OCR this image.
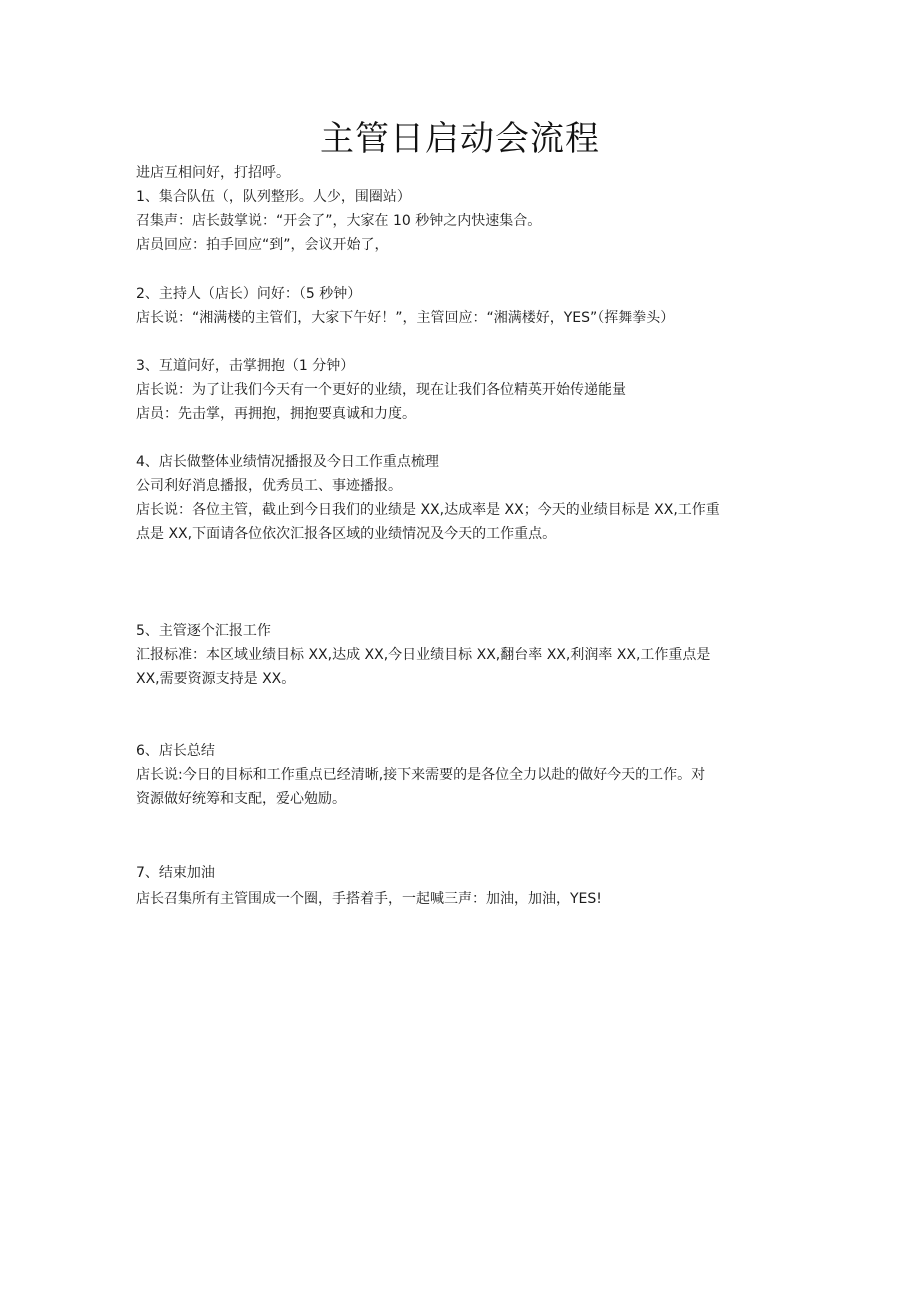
主管日启动会流程
进店互相问好，打招呼。
1、集合队伍（，队列整形。人少，围圈站）
召集声：店长鼓掌说：“开会了”，大家在 10 秒钟之内快速集合。
店员回应：拍手回应“到”，会议开始了，
2、主持人（店长）问好：（5 秒钟）
店长说：“湘满楼的主管们，大家下午好！”，主管回应：“湘满楼好，YES”（挥舞拳头）
3、互道问好，击掌拥抱（1 分钟）
店长说：为了让我们今天有一个更好的业绩，现在让我们各位精英开始传递能量
店员：先击掌，再拥抱，拥抱要真诚和力度。
4、店长做整体业绩情况播报及今日工作重点梳理
公司利好消息播报，优秀员工、事迹播报。
店长说：各位主管，截止到今日我们的业绩是 XX,达成率是 XX；今天的业绩目标是 XX,工作重
点是 XX,下面请各位依次汇报各区域的业绩情况及今天的工作重点。
5、主管逐个汇报工作
汇报标准：本区域业绩目标 XX,达成 XX,今日业绩目标 XX,翻台率 XX,利润率 XX,工作重点是
XX,需要资源支持是 XX。
6、店长总结
店长说:今日的目标和工作重点已经清晰,接下来需要的是各位全力以赴的做好今天的工作。对
资源做好统筹和支配，爱心勉励。
7、结束加油
店长召集所有主管围成一个圈，手搭着手，一起喊三声：加油，加油，YES!
